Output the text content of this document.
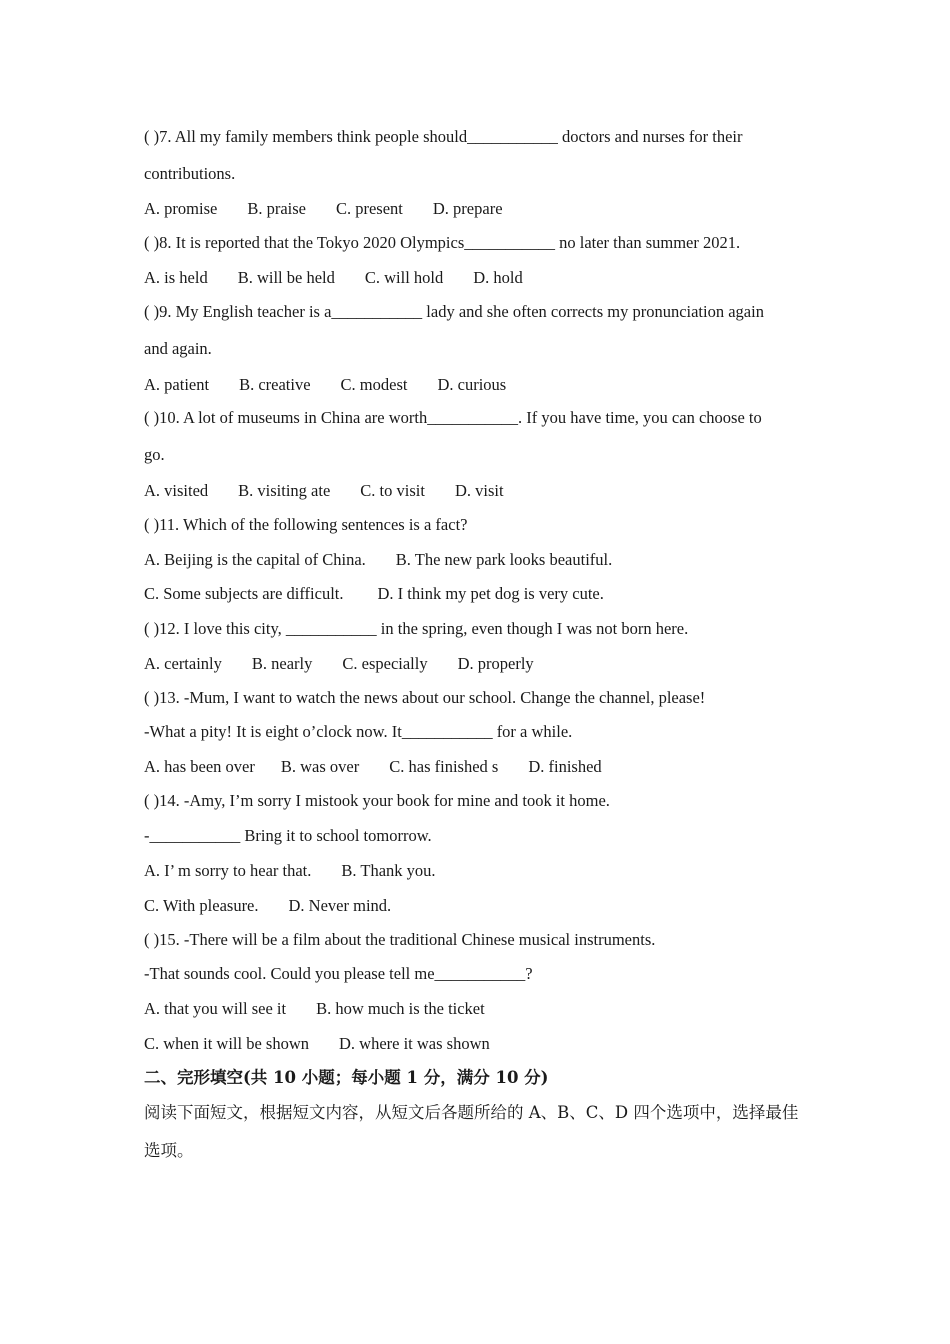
( )7. All my family members think people should___________ doctors and nurses for their
contributions.
A. promise B. praise C. present D. prepare
( )8. It is reported that the Tokyo 2020 Olympics___________ no later than summer 2021.
A. is held B. will be held C. will hold D. hold
( )9. My English teacher is a___________ lady and she often corrects my pronunciation again
and again.
A. patient B. creative C. modest D. curious
( )10. A lot of museums in China are worth___________. If you have time, you can choose to
go.
A. visited B. visiting ate C. to visit D. visit
( )11. Which of the following sentences is a fact?
A. Beijing is the capital of China. B. The new park looks beautiful.
C. Some subjects are difficult. D. I think my pet dog is very cute.
( )12. I love this city, ___________ in the spring, even though I was not born here.
A. certainly B. nearly C. especially D. properly
( )13. -Mum, I want to watch the news about our school. Change the channel, please!
-What a pity! It is eight o’clock now. It___________ for a while.
A. has been over B. was over C. has finished s D. finished
( )14. -Amy, I’m sorry I mistook your book for mine and took it home.
-___________ Bring it to school tomorrow.
A. I’ m sorry to hear that. B. Thank you.
C. With pleasure. D. Never mind.
( )15. -There will be a film about the traditional Chinese musical instruments.
-That sounds cool. Could you please tell me___________?
A. that you will see it B. how much is the ticket
C. when it will be shown D. where it was shown
二、完形填空(共 10 小题；每小题 1 分，满分 10 分)
阅读下面短文，根据短文内容，从短文后各题所给的 A、B、C、D 四个选项中，选择最佳
选项。
